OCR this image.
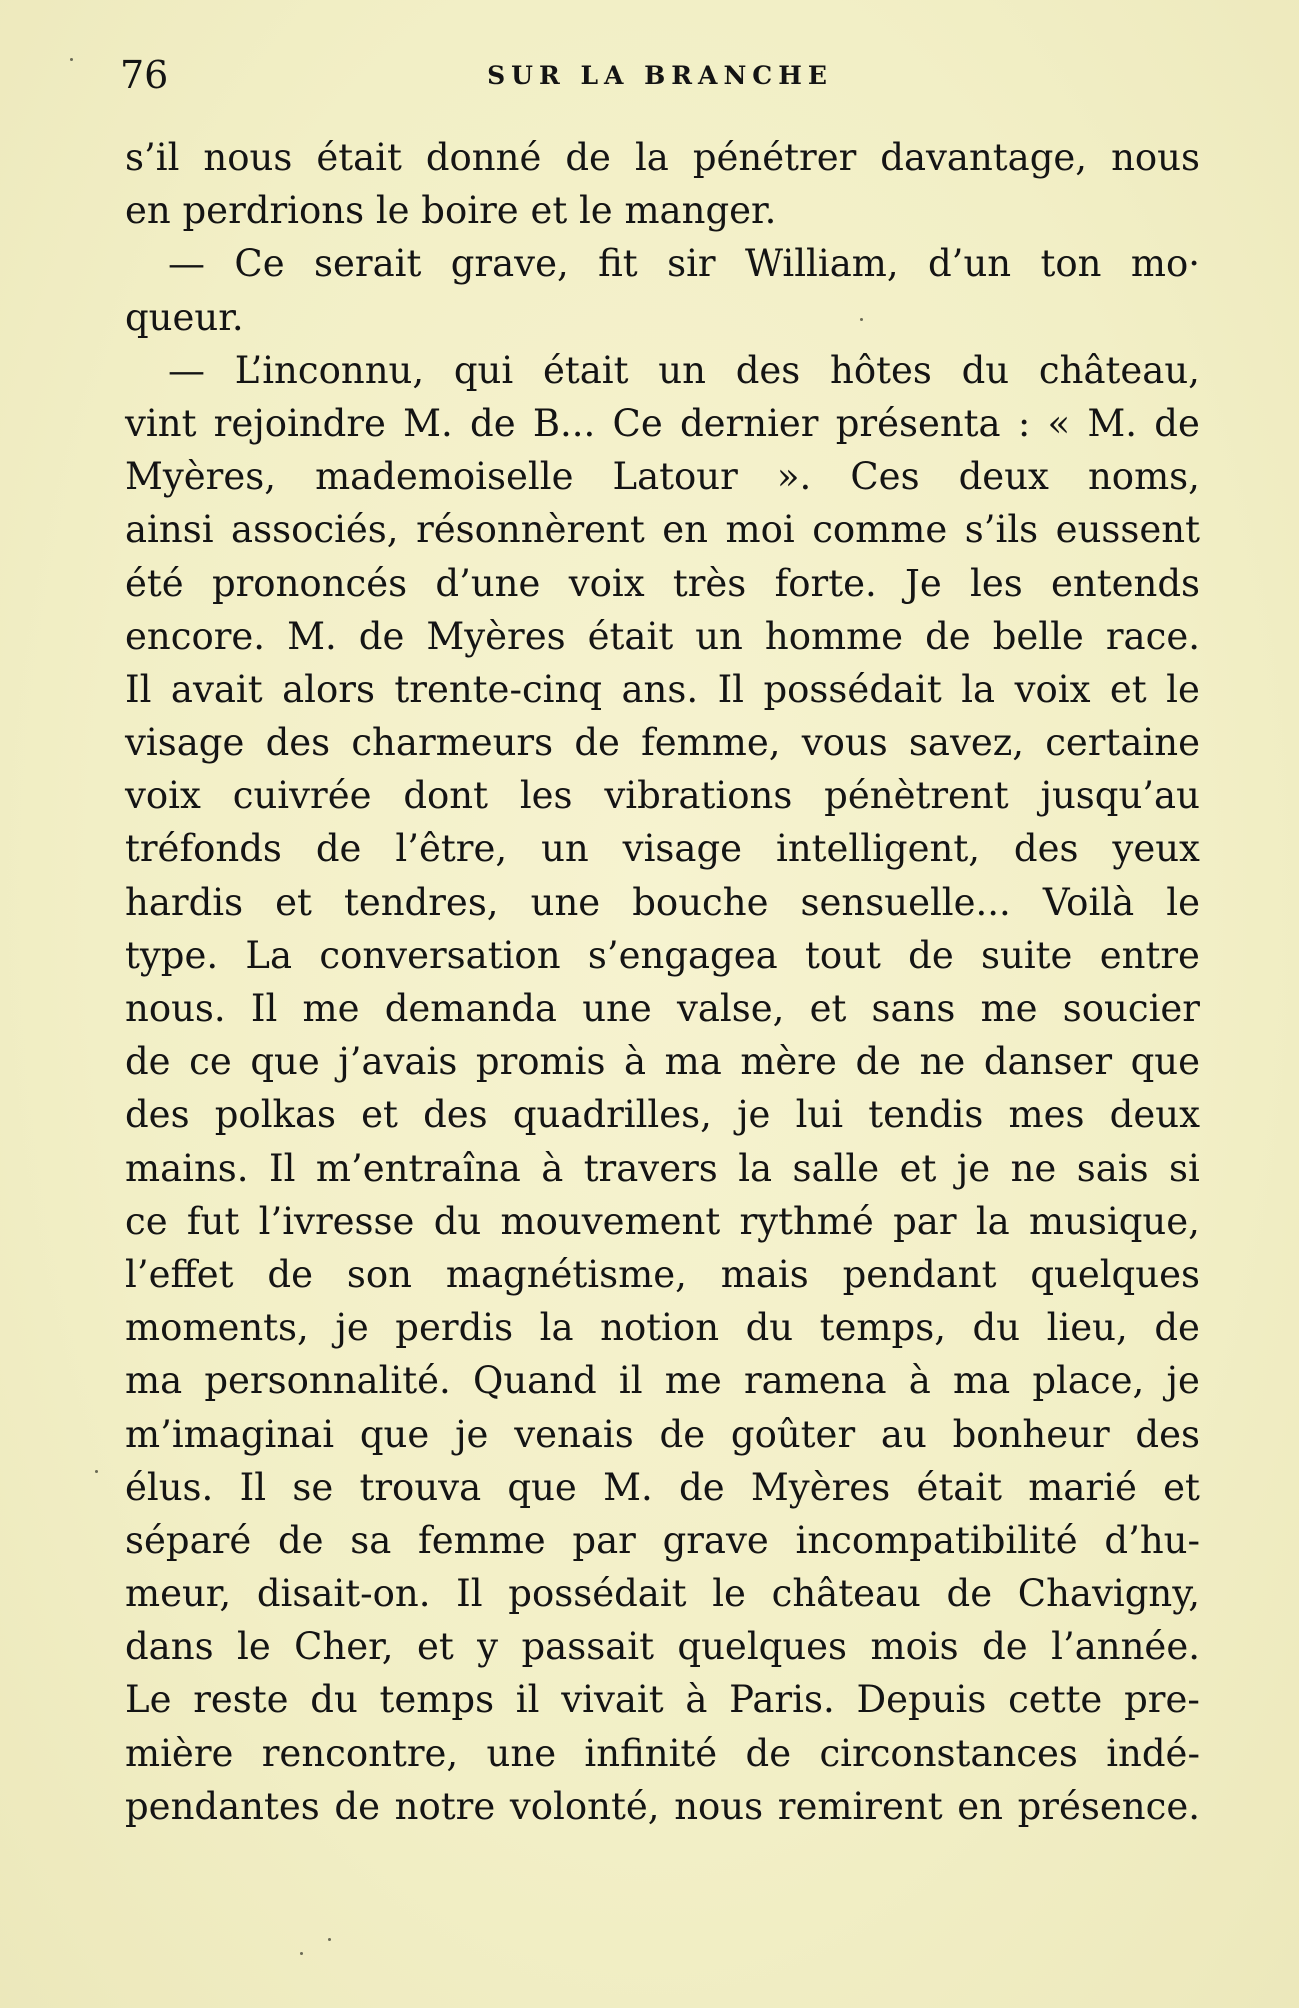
76	SUR LA BRANCHE
s’il nous était donné de la pénétrer davantage, nous
en perdrions le boire et le manger.
— Ce serait grave, fit sir William, d’un ton mo·
queur.
— L’inconnu, qui était un des hôtes du château,
vint rejoindre M. de B... Ce dernier présenta : « M. de
Myères, mademoiselle Latour ». Ces deux noms,
ainsi associés, résonnèrent en moi comme s’ils eussent
été prononcés d’une voix très forte. Je les entends
encore. M. de Myères était un homme de belle race.
Il avait alors trente-cinq ans. Il possédait la voix et le
visage des charmeurs de femme, vous savez, certaine
voix cuivrée dont les vibrations pénètrent jusqu’au
tréfonds de l’être, un visage intelligent, des yeux
hardis et tendres, une bouche sensuelle... Voilà le
type. La conversation s’engagea tout de suite entre
nous. Il me demanda une valse, et sans me soucier
de ce que j’avais promis à ma mère de ne danser que
des polkas et des quadrilles, je lui tendis mes deux
mains. Il m’entraîna à travers la salle et je ne sais si
ce fut l’ivresse du mouvement rythmé par la musique,
l’effet de son magnétisme, mais pendant quelques
moments, je perdis la notion du temps, du lieu, de
ma personnalité. Quand il me ramena à ma place, je
m’imaginai que je venais de goûter au bonheur des
élus. Il se trouva que M. de Myères était marié et
séparé de sa femme par grave incompatibilité d’hu-
meur, disait-on. Il possédait le château de Chavigny,
dans le Cher, et y passait quelques mois de l’année.
Le reste du temps il vivait à Paris. Depuis cette pre-
mière rencontre, une infinité de circonstances indé-
pendantes de notre volonté, nous remirent en présence.
